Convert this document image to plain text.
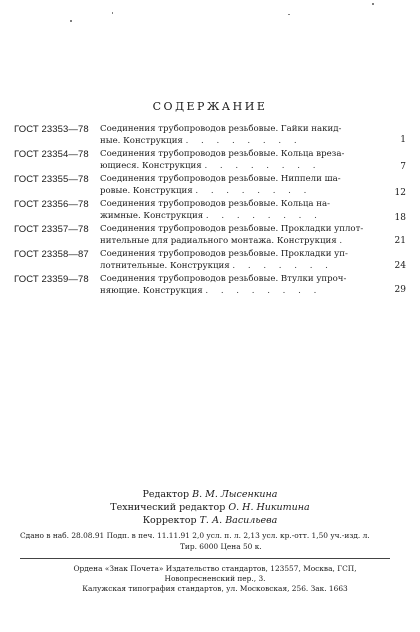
СОДЕРЖАНИЕ
ГОСТ 23353—78	Соединения трубопроводов резьбовые. Гайки накид-
ные. Конструкция . . . . . . . .	1
ГОСТ 23354—78	Соединения трубопроводов резьбовые. Кольца вреза-
ющиеся. Конструкция . . . . . . . .	7
ГОСТ 23355—78	Соединения трубопроводов резьбовые. Ниппели ша-
ровые. Конструкция . . . . . . . .	12
ГОСТ 23356—78	Соединения трубопроводов резьбовые. Кольца на-
жимные. Конструкция . . . . . . . .	18
ГОСТ 23357—78	Соединения трубопроводов резьбовые. Прокладки уплот-
нительные для радиального монтажа. Конструкция .	21
ГОСТ 23358—87	Соединения трубопроводов резьбовые. Прокладки уп-
лотнительные. Конструкция . . . . . . .	24
ГОСТ 23359—78	Соединения трубопроводов резьбовые. Втулки упроч-
няющие. Конструкция . . . . . . . .	29
Редактор В. М. Лысенкина
Технический редактор О. Н. Никитина
Корректор Т. А. Васильева
Сдано в наб. 28.08.91 Подп. в печ. 11.11.91 2,0 усл. п. л. 2,13 усл. кр.-отт. 1,50 уч.-изд. л.
Тир. 6000 Цена 50 к.
Ордена «Знак Почета» Издательство стандартов, 123557, Москва, ГСП,
Новопресненский пер., 3.
Калужская типография стандартов, ул. Московская, 256. Зак. 1663
